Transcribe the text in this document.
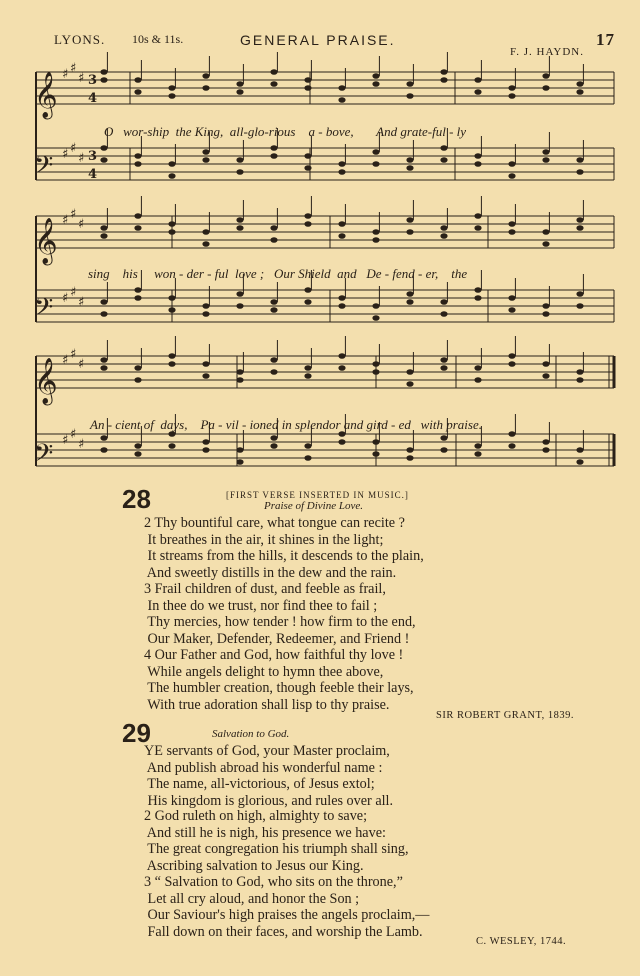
LYONS. 10s & 11s.	GENERAL PRAISE.	17
F. J. HAYDN.
𝄞
𝄢
𝄞
𝄢
𝄞
𝄢
3
4
3
4
♯ ♯
♯
♯ ♯
♯
♯ ♯
♯
♯ ♯
♯
♯ ♯
♯
♯ ♯
♯
O   wor-ship  the King,  all-glo-rious    a - bove,       And grate-ful - ly
sing    his     won - der - ful  love ;   Our Shield  and   De - fend - er,    the
An - cient of  days,    Pa - vil - ioned in splendor and gird - ed   with praise.
28	[FIRST VERSE INSERTED IN MUSIC.]
Praise of Divine Love.
2 Thy bountiful care, what tongue can recite ?
It breathes in the air, it shines in the light;
It streams from the hills, it descends to the plain,
And sweetly distills in the dew and the rain.
3 Frail children of dust, and feeble as frail,
In thee do we trust, nor find thee to fail ;
Thy mercies, how tender ! how firm to the end,
Our Maker, Defender, Redeemer, and Friend !
4 Our Father and God, how faithful thy love !
While angels delight to hymn thee above,
The humbler creation, though feeble their lays,
With true adoration shall lisp to thy praise.
SIR ROBERT GRANT, 1839.
29	Salvation to God.
YE servants of God, your Master proclaim,
And publish abroad his wonderful name :
The name, all-victorious, of Jesus extol;
His kingdom is glorious, and rules over all.
2 God ruleth on high, almighty to save;
And still he is nigh, his presence we have:
The great congregation his triumph shall sing,
Ascribing salvation to Jesus our King.
3 “ Salvation to God, who sits on the throne,”
Let all cry aloud, and honor the Son ;
Our Saviour's high praises the angels proclaim,—
Fall down on their faces, and worship the Lamb.
C. WESLEY, 1744.
